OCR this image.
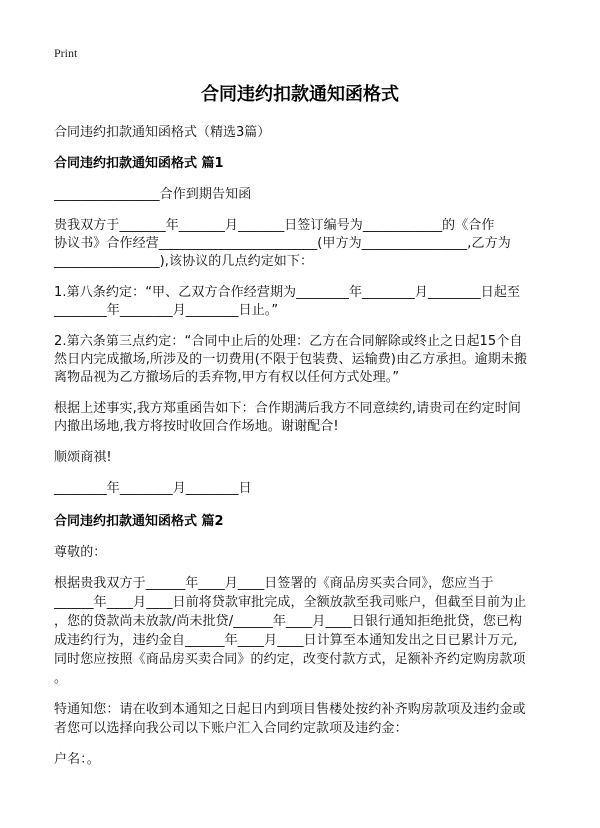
Print
合同违约扣款通知函格式
合同违约扣款通知函格式（精选3篇）
合同违约扣款通知函格式 篇1
________________合作到期告知函
贵我双方于_______年_______月_______日签订编号为____________的《合作
协议书》合作经营________________________(甲方为________________,乙方为
________________),该协议的几点约定如下：
1.第八条约定：“甲、乙双方合作经营期为________年________月________日起至
________年________月________日止。”
2.第六条第三点约定：“合同中止后的处理：乙方在合同解除或终止之日起15个自
然日内完成撤场,所涉及的一切费用(不限于包装费、运输费)由乙方承担。逾期未搬
离物品视为乙方撤场后的丢弃物,甲方有权以任何方式处理。”
根据上述事实,我方郑重函告如下：合作期满后我方不同意续约,请贵司在约定时间
内撤出场地,我方将按时收回合作场地。谢谢配合!
顺颂商祺!
________年________月________日
合同违约扣款通知函格式 篇2
尊敬的：
根据贵我双方于______年____月____日签署的《商品房买卖合同》，您应当于
______年____月____日前将贷款审批完成，全额放款至我司账户，但截至目前为止
，您的贷款尚未放款/尚未批贷/______年____月____日银行通知拒绝批贷，您已构
成违约行为，违约金自______年____月____日计算至本通知发出之日已累计万元,
同时您应按照《商品房买卖合同》的约定，改变付款方式，足额补齐约定购房款项
。
特通知您：请在收到本通知之日起日内到项目售楼处按约补齐购房款项及违约金或
者您可以选择向我公司以下账户汇入合同约定款项及违约金：
户名：。
